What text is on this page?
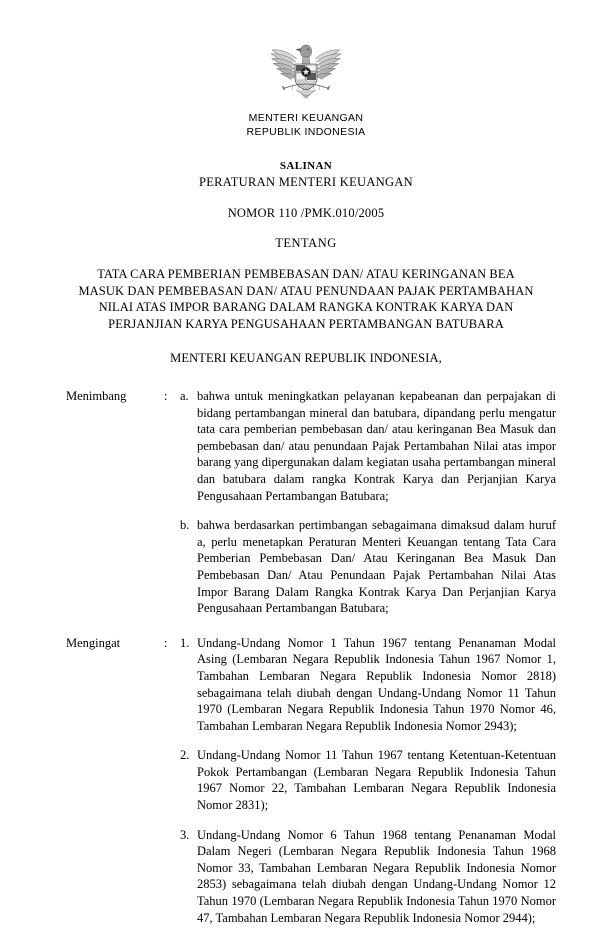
MENTERI KEUANGAN
REPUBLIK INDONESIA
SALINAN
PERATURAN MENTERI KEUANGAN
NOMOR 110 /PMK.010/2005
TENTANG
TATA CARA PEMBERIAN PEMBEBASAN DAN/ ATAU KERINGANAN BEA
MASUK DAN PEMBEBASAN DAN/ ATAU PENUNDAAN PAJAK PERTAMBAHAN
NILAI ATAS IMPOR BARANG DALAM RANGKA KONTRAK KARYA DAN
PERJANJIAN KARYA PENGUSAHAAN PERTAMBANGAN BATUBARA
MENTERI KEUANGAN REPUBLIK INDONESIA,
Menimbang	:	a. bahwa untuk meningkatkan pelayanan kepabeanan dan perpajakan di bidang pertambangan mineral dan batubara, dipandang perlu mengatur tata cara pemberian pembebasan dan/ atau keringanan Bea Masuk dan pembebasan dan/ atau penundaan Pajak Pertambahan Nilai atas impor barang yang dipergunakan dalam kegiatan usaha pertambangan mineral dan batubara dalam rangka Kontrak Karya dan Perjanjian Karya Pengusahaan Pertambangan Batubara;
b. bahwa berdasarkan pertimbangan sebagaimana dimaksud dalam huruf a, perlu menetapkan Peraturan Menteri Keuangan tentang Tata Cara Pemberian Pembebasan Dan/ Atau Keringanan Bea Masuk Dan Pembebasan Dan/ Atau Penundaan Pajak Pertambahan Nilai Atas Impor Barang Dalam Rangka Kontrak Karya Dan Perjanjian Karya Pengusahaan Pertambangan Batubara;
Mengingat	:	1. Undang-Undang Nomor 1 Tahun 1967 tentang Penanaman Modal Asing (Lembaran Negara Republik Indonesia Tahun 1967 Nomor 1, Tambahan Lembaran Negara Republik Indonesia Nomor 2818) sebagaimana telah diubah dengan Undang-Undang Nomor 11 Tahun 1970 (Lembaran Negara Republik Indonesia Tahun 1970 Nomor 46, Tambahan Lembaran Negara Republik Indonesia Nomor 2943);
2. Undang-Undang Nomor 11 Tahun 1967 tentang Ketentuan-Ketentuan Pokok Pertambangan (Lembaran Negara Republik Indonesia Tahun 1967 Nomor 22, Tambahan Lembaran Negara Republik Indonesia Nomor 2831);
3. Undang-Undang Nomor 6 Tahun 1968 tentang Penanaman Modal Dalam Negeri (Lembaran Negara Republik Indonesia Tahun 1968 Nomor 33, Tambahan Lembaran Negara Republik Indonesia Nomor 2853) sebagaimana telah diubah dengan Undang-Undang Nomor 12 Tahun 1970 (Lembaran Negara Republik Indonesia Tahun 1970 Nomor 47, Tambahan Lembaran Negara Republik Indonesia Nomor 2944);
